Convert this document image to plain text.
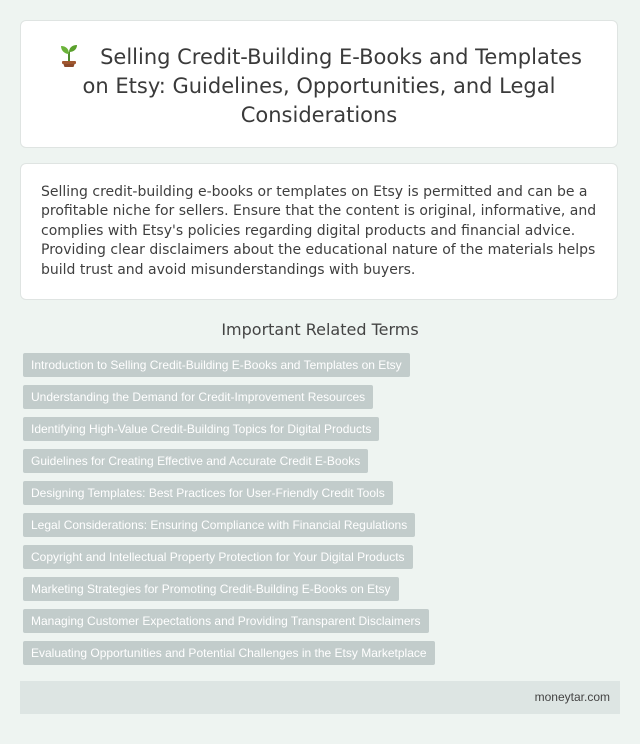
Selling Credit-Building E-Books and Templates on Etsy: Guidelines, Opportunities, and Legal Considerations

Selling credit-building e-books or templates on Etsy is permitted and can be a profitable niche for sellers. Ensure that the content is original, informative, and complies with Etsy's policies regarding digital products and financial advice. Providing clear disclaimers about the educational nature of the materials helps build trust and avoid misunderstandings with buyers.

Important Related Terms
Introduction to Selling Credit-Building E-Books and Templates on Etsy
Understanding the Demand for Credit-Improvement Resources
Identifying High-Value Credit-Building Topics for Digital Products
Guidelines for Creating Effective and Accurate Credit E-Books
Designing Templates: Best Practices for User-Friendly Credit Tools
Legal Considerations: Ensuring Compliance with Financial Regulations
Copyright and Intellectual Property Protection for Your Digital Products
Marketing Strategies for Promoting Credit-Building E-Books on Etsy
Managing Customer Expectations and Providing Transparent Disclaimers
Evaluating Opportunities and Potential Challenges in the Etsy Marketplace
moneytar.com
